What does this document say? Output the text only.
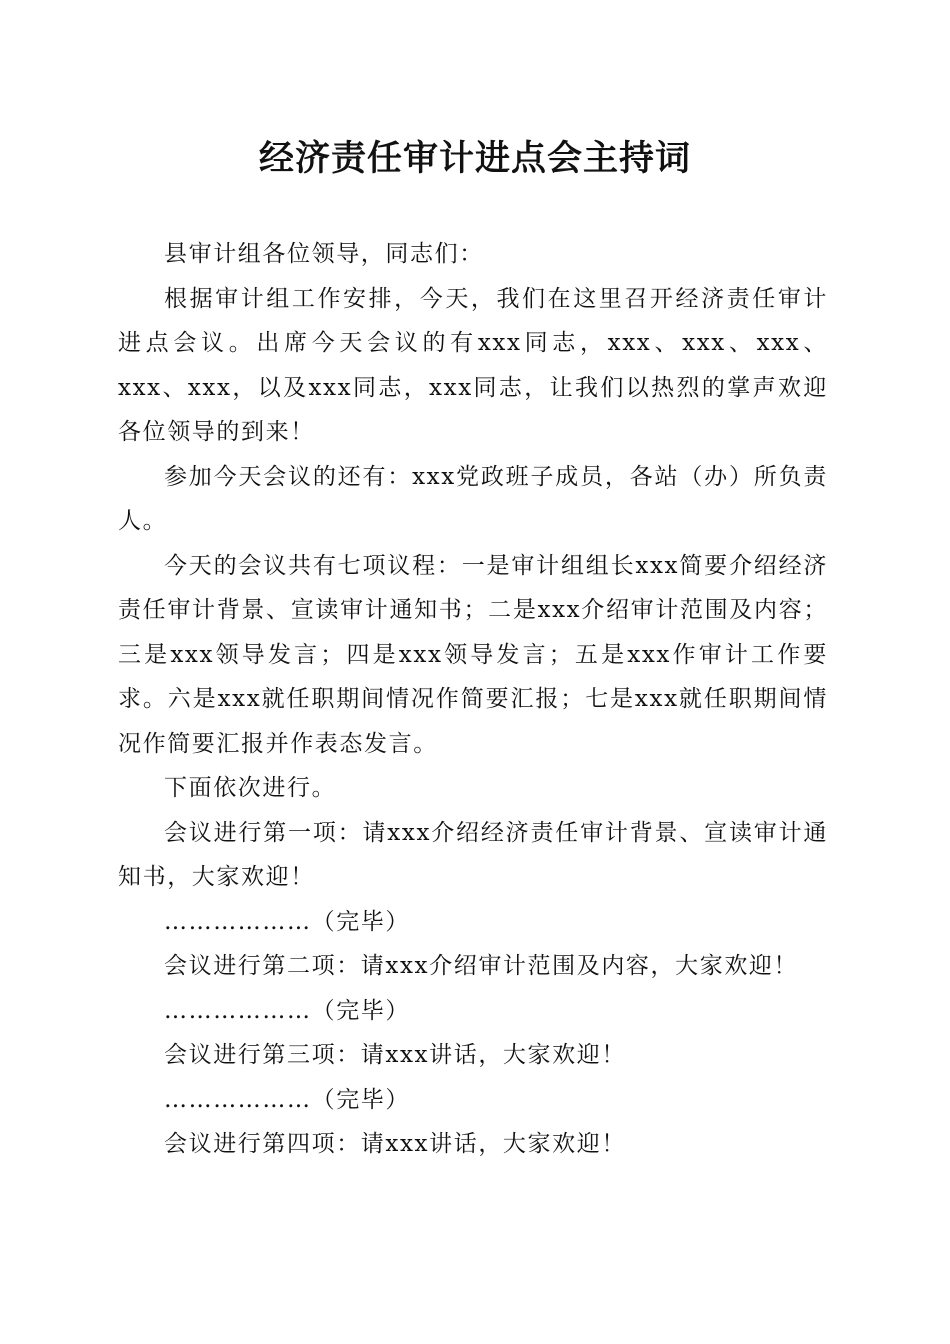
经济责任审计进点会主持词

县审计组各位领导，同志们：

根据审计组工作安排，今天，我们在这里召开经济责任审计进点会议。出席今天会议的有xxx同志，xxx、xxx、xxx、xxx、xxx，以及xxx同志，xxx同志，让我们以热烈的掌声欢迎各位领导的到来！

参加今天会议的还有：xxx党政班子成员，各站（办）所负责人。

今天的会议共有七项议程：一是审计组组长xxx简要介绍经济责任审计背景、宣读审计通知书；二是xxx介绍审计范围及内容；三是xxx领导发言；四是xxx领导发言；五是xxx作审计工作要求。六是xxx就任职期间情况作简要汇报；七是xxx就任职期间情况作简要汇报并作表态发言。

下面依次进行。

会议进行第一项：请xxx介绍经济责任审计背景、宣读审计通知书，大家欢迎！

………………（完毕）

会议进行第二项：请xxx介绍审计范围及内容，大家欢迎！

………………（完毕）

会议进行第三项：请xxx讲话，大家欢迎！

………………（完毕）

会议进行第四项：请xxx讲话，大家欢迎！
